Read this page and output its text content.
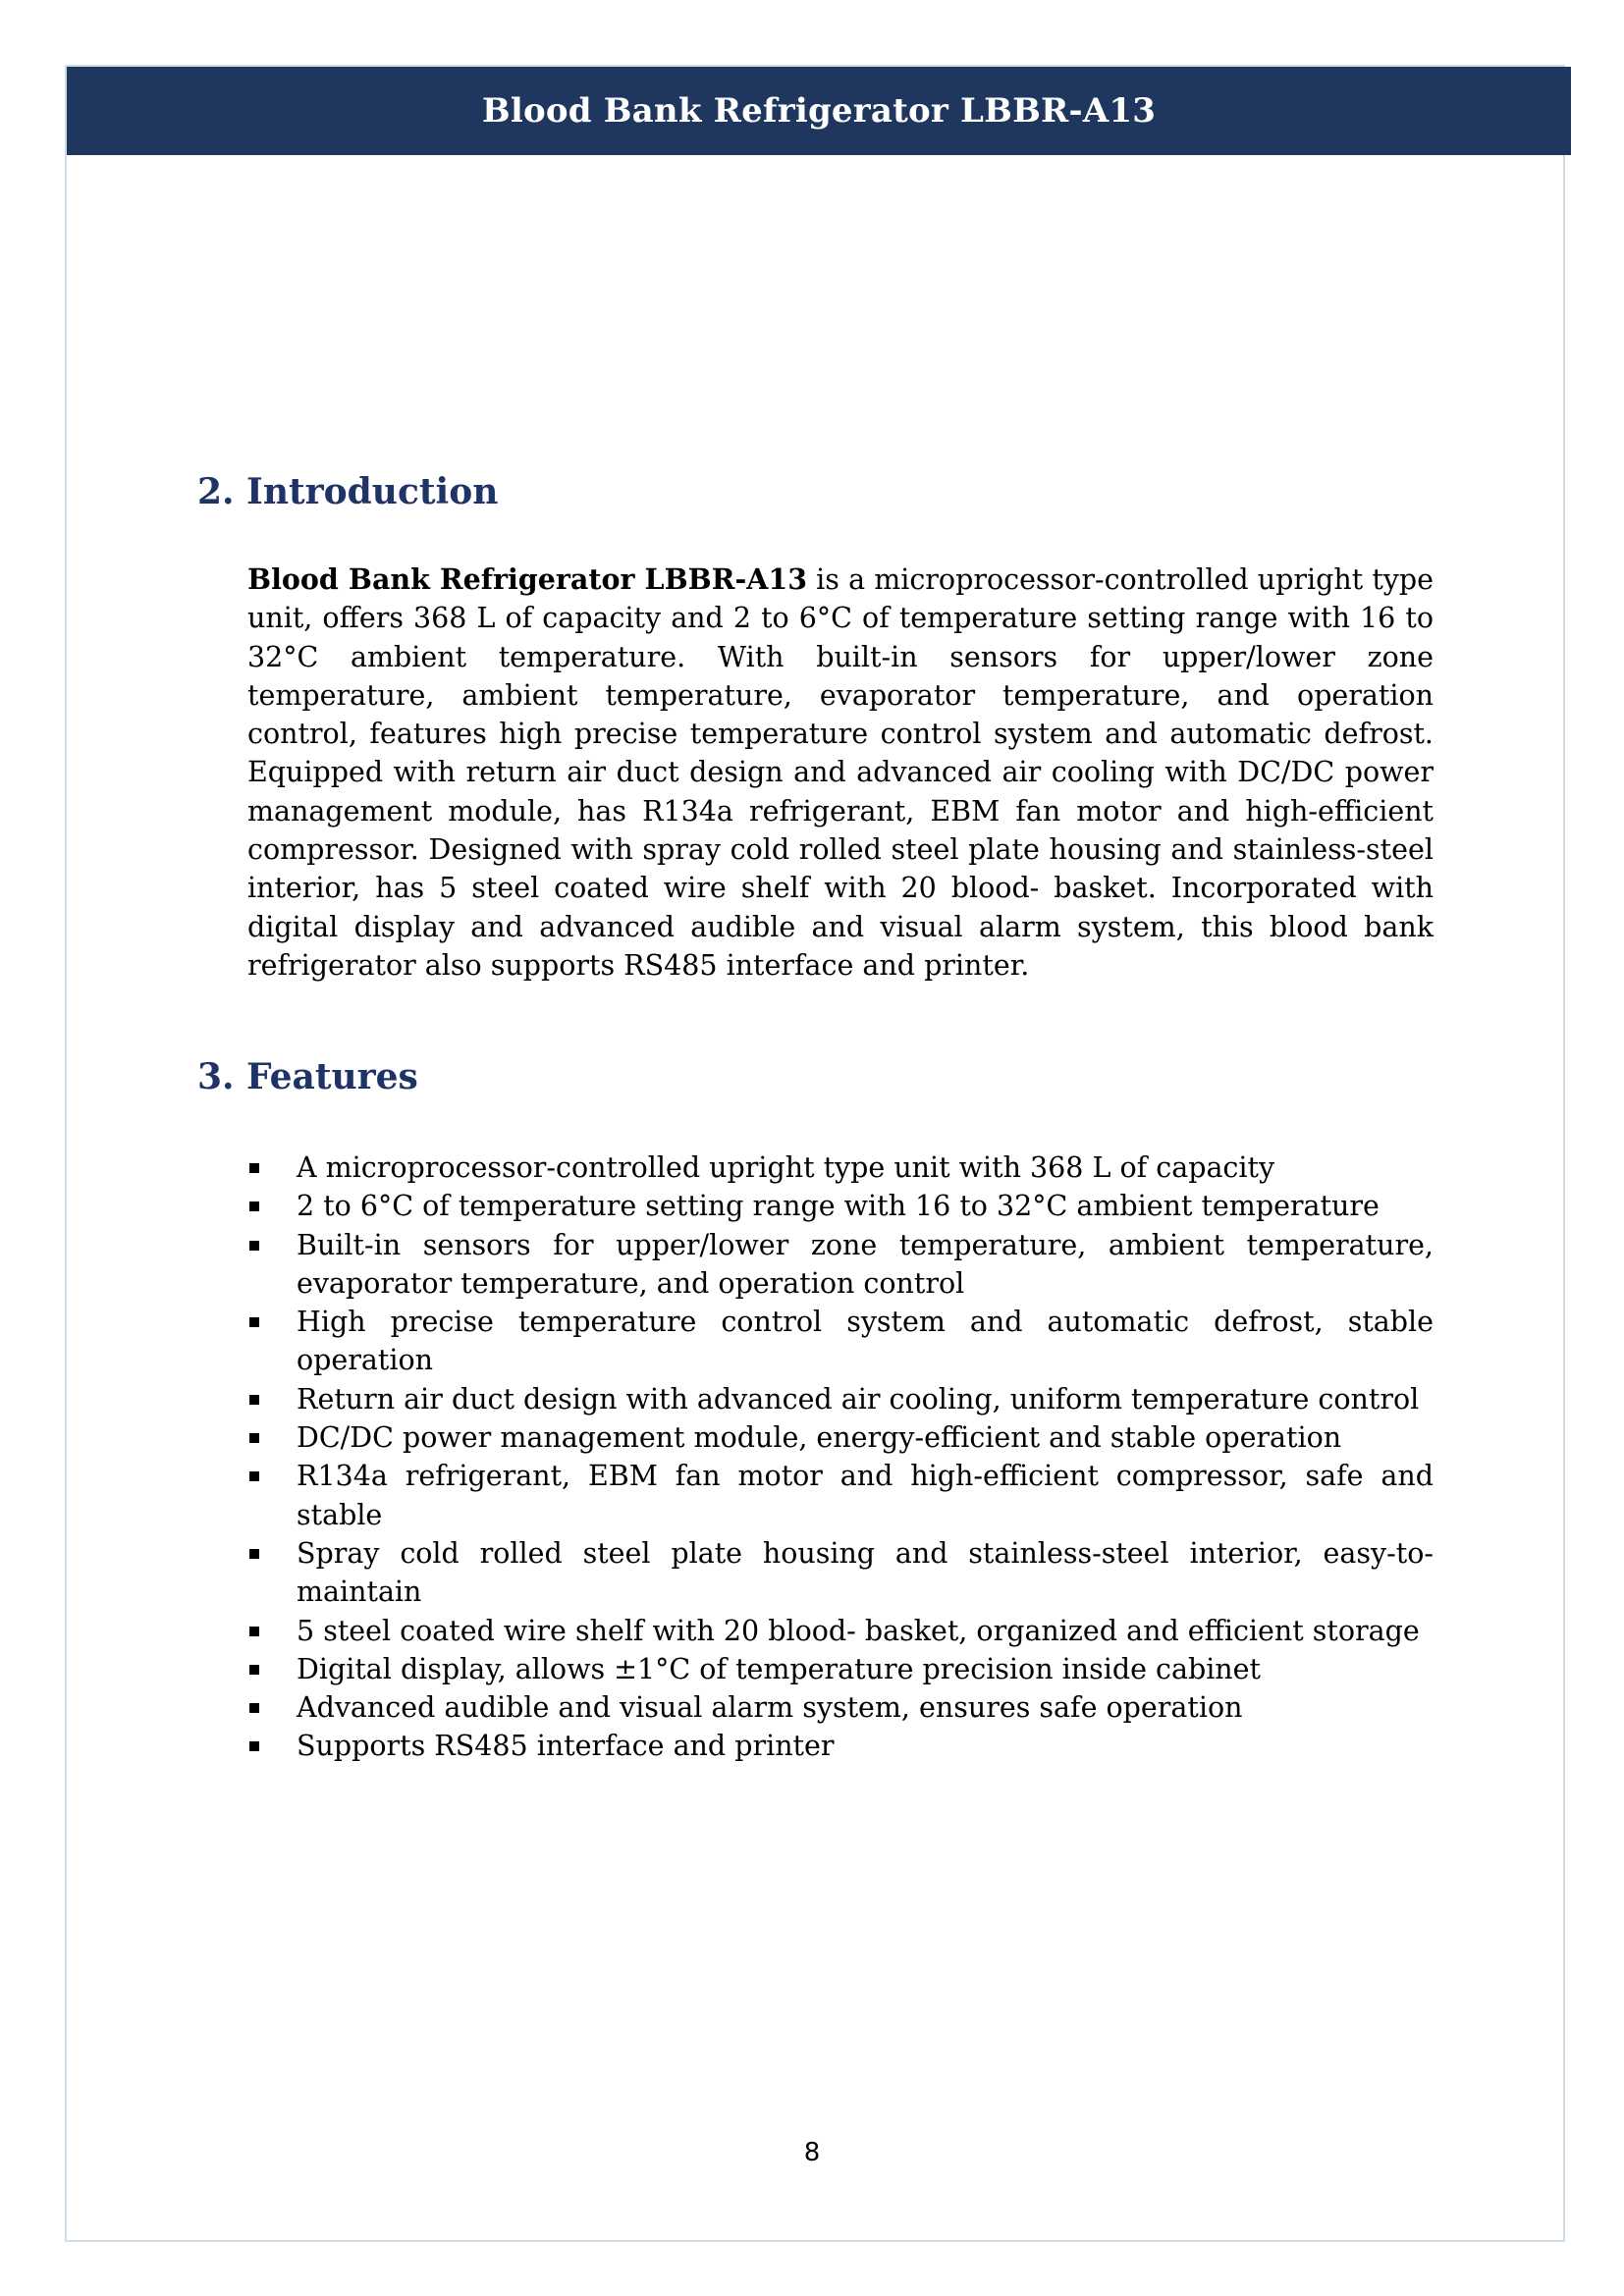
Blood Bank Refrigerator LBBR-A13
2. Introduction

Blood Bank Refrigerator LBBR-A13 is a microprocessor-controlled upright type unit, offers 368 L of capacity and 2 to 6°C of temperature setting range with 16 to 32°C ambient temperature. With built-in sensors for upper/lower zone temperature, ambient temperature, evaporator temperature, and operation control, features high precise temperature control system and automatic defrost. Equipped with return air duct design and advanced air cooling with DC/DC power management module, has R134a refrigerant, EBM fan motor and high-efficient compressor. Designed with spray cold rolled steel plate housing and stainless-steel interior, has 5 steel coated wire shelf with 20 blood- basket. Incorporated with digital display and advanced audible and visual alarm system, this blood bank refrigerator also supports RS485 interface and printer.

3. Features
A microprocessor-controlled upright type unit with 368 L of capacity
2 to 6°C of temperature setting range with 16 to 32°C ambient temperature
Built-in sensors for upper/lower zone temperature, ambient temperature, evaporator temperature, and operation control
High precise temperature control system and automatic defrost, stable operation
Return air duct design with advanced air cooling, uniform temperature control
DC/DC power management module, energy-efficient and stable operation
R134a refrigerant, EBM fan motor and high-efficient compressor, safe and stable
Spray cold rolled steel plate housing and stainless-steel interior, easy-to-maintain
5 steel coated wire shelf with 20 blood- basket, organized and efficient storage
Digital display, allows ±1°C of temperature precision inside cabinet
Advanced audible and visual alarm system, ensures safe operation
Supports RS485 interface and printer
8
